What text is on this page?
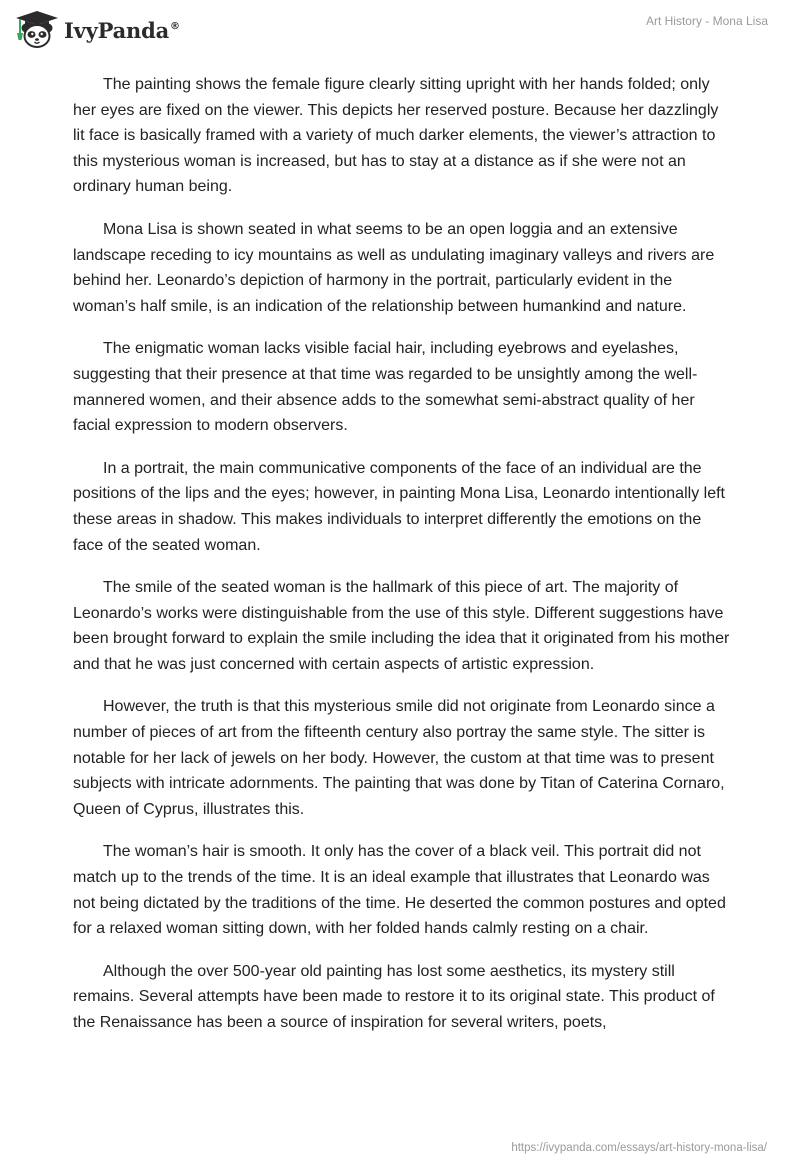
IvyPanda®	Art History - Mona Lisa

The painting shows the female figure clearly sitting upright with her hands folded; only her eyes are fixed on the viewer. This depicts her reserved posture. Because her dazzlingly lit face is basically framed with a variety of much darker elements, the viewer’s attraction to this mysterious woman is increased, but has to stay at a distance as if she were not an ordinary human being.

Mona Lisa is shown seated in what seems to be an open loggia and an extensive landscape receding to icy mountains as well as undulating imaginary valleys and rivers are behind her. Leonardo’s depiction of harmony in the portrait, particularly evident in the woman’s half smile, is an indication of the relationship between humankind and nature.

The enigmatic woman lacks visible facial hair, including eyebrows and eyelashes, suggesting that their presence at that time was regarded to be unsightly among the well-mannered women, and their absence adds to the somewhat semi-abstract quality of her facial expression to modern observers.

In a portrait, the main communicative components of the face of an individual are the positions of the lips and the eyes; however, in painting Mona Lisa, Leonardo intentionally left these areas in shadow. This makes individuals to interpret differently the emotions on the face of the seated woman.

The smile of the seated woman is the hallmark of this piece of art. The majority of Leonardo’s works were distinguishable from the use of this style. Different suggestions have been brought forward to explain the smile including the idea that it originated from his mother and that he was just concerned with certain aspects of artistic expression.

However, the truth is that this mysterious smile did not originate from Leonardo since a number of pieces of art from the fifteenth century also portray the same style. The sitter is notable for her lack of jewels on her body. However, the custom at that time was to present subjects with intricate adornments. The painting that was done by Titan of Caterina Cornaro, Queen of Cyprus, illustrates this.

The woman’s hair is smooth. It only has the cover of a black veil. This portrait did not match up to the trends of the time. It is an ideal example that illustrates that Leonardo was not being dictated by the traditions of the time. He deserted the common postures and opted for a relaxed woman sitting down, with her folded hands calmly resting on a chair.

Although the over 500-year old painting has lost some aesthetics, its mystery still remains. Several attempts have been made to restore it to its original state. This product of the Renaissance has been a source of inspiration for several writers, poets,

https://ivypanda.com/essays/art-history-mona-lisa/
